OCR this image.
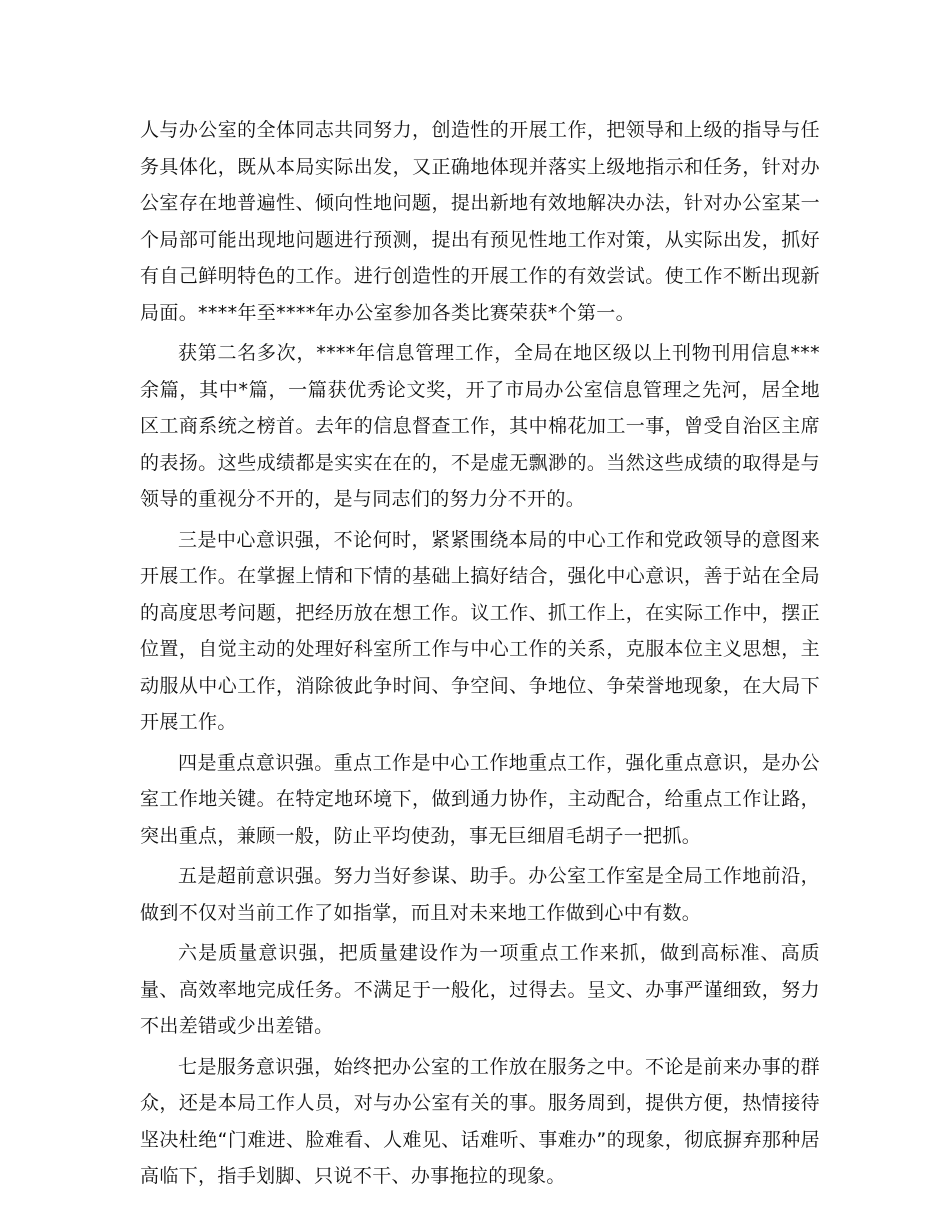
人与办公室的全体同志共同努力，创造性的开展工作，把领导和上级的指导与任务具体化，既从本局实际出发，又正确地体现并落实上级地指示和任务，针对办公室存在地普遍性、倾向性地问题，提出新地有效地解决办法，针对办公室某一个局部可能出现地问题进行预测，提出有预见性地工作对策，从实际出发，抓好有自己鲜明特色的工作。进行创造性的开展工作的有效尝试。使工作不断出现新局面。****年至****年办公室参加各类比赛荣获*个第一。

获第二名多次，****年信息管理工作，全局在地区级以上刊物刊用信息***余篇，其中*篇，一篇获优秀论文奖，开了市局办公室信息管理之先河，居全地区工商系统之榜首。去年的信息督查工作，其中棉花加工一事，曾受自治区主席的表扬。这些成绩都是实实在在的，不是虚无飘渺的。当然这些成绩的取得是与领导的重视分不开的，是与同志们的努力分不开的。

三是中心意识强，不论何时，紧紧围绕本局的中心工作和党政领导的意图来开展工作。在掌握上情和下情的基础上搞好结合，强化中心意识，善于站在全局的高度思考问题，把经历放在想工作。议工作、抓工作上，在实际工作中，摆正位置，自觉主动的处理好科室所工作与中心工作的关系，克服本位主义思想，主动服从中心工作，消除彼此争时间、争空间、争地位、争荣誉地现象，在大局下开展工作。

四是重点意识强。重点工作是中心工作地重点工作，强化重点意识，是办公室工作地关键。在特定地环境下，做到通力协作，主动配合，给重点工作让路，突出重点，兼顾一般，防止平均使劲，事无巨细眉毛胡子一把抓。

五是超前意识强。努力当好参谋、助手。办公室工作室是全局工作地前沿，做到不仅对当前工作了如指掌，而且对未来地工作做到心中有数。

六是质量意识强，把质量建设作为一项重点工作来抓，做到高标准、高质量、高效率地完成任务。不满足于一般化，过得去。呈文、办事严谨细致，努力不出差错或少出差错。

七是服务意识强，始终把办公室的工作放在服务之中。不论是前来办事的群众，还是本局工作人员，对与办公室有关的事。服务周到，提供方便，热情接待坚决杜绝“门难进、脸难看、人难见、话难听、事难办”的现象，彻底摒弃那种居高临下，指手划脚、只说不干、办事拖拉的现象。
